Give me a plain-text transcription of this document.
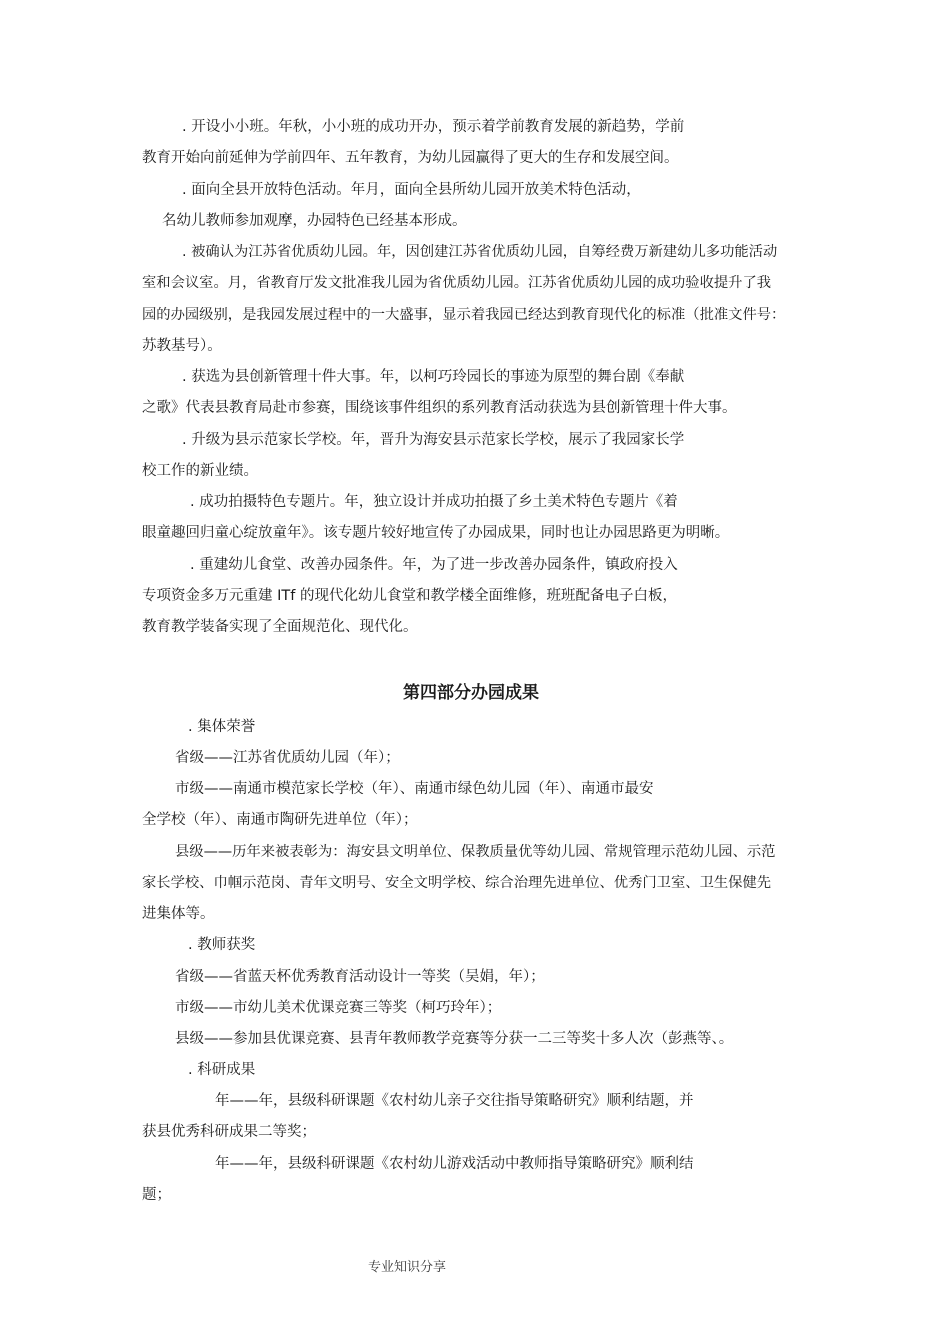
. 开设小小班。年秋，小小班的成功开办，预示着学前教育发展的新趋势，学前
教育开始向前延伸为学前四年、五年教育，为幼儿园赢得了更大的生存和发展空间。
. 面向全县开放特色活动。年月，面向全县所幼儿园开放美术特色活动，
名幼儿教师参加观摩，办园特色已经基本形成。
. 被确认为江苏省优质幼儿园。年，因创建江苏省优质幼儿园，自筹经费万新建幼儿多功能活动
室和会议室。月，省教育厅发文批准我儿园为省优质幼儿园。江苏省优质幼儿园的成功验收提升了我
园的办园级别，是我园发展过程中的一大盛事，显示着我园已经达到教育现代化的标准（批准文件号：
苏教基号）。
. 获选为县创新管理十件大事。年，以柯巧玲园长的事迹为原型的舞台剧《奉献
之歌》代表县教育局赴市参赛，围绕该事件组织的系列教育活动获选为县创新管理十件大事。
. 升级为县示范家长学校。年，晋升为海安县示范家长学校，展示了我园家长学
校工作的新业绩。
. 成功拍摄特色专题片。年，独立设计并成功拍摄了乡土美术特色专题片《着
眼童趣回归童心绽放童年》。该专题片较好地宣传了办园成果，同时也让办园思路更为明晰。
. 重建幼儿食堂、改善办园条件。年，为了进一步改善办园条件，镇政府投入
专项资金多万元重建 ITf 的现代化幼儿食堂和教学楼全面维修，班班配备电子白板，
教育教学装备实现了全面规范化、现代化。
第四部分办园成果
. 集体荣誉
省级——江苏省优质幼儿园（年）；
市级——南通市模范家长学校（年）、南通市绿色幼儿园（年）、南通市最安
全学校（年）、南通市陶研先进单位（年）；
县级——历年来被表彰为：海安县文明单位、保教质量优等幼儿园、常规管理示范幼儿园、示范
家长学校、巾帼示范岗、青年文明号、安全文明学校、综合治理先进单位、优秀门卫室、卫生保健先
进集体等。
. 教师获奖
省级——省蓝天杯优秀教育活动设计一等奖（吴娟，年）；
市级——市幼儿美术优课竞赛三等奖（柯巧玲年）；
县级——参加县优课竞赛、县青年教师教学竞赛等分获一二三等奖十多人次（彭燕等、。
. 科研成果
年——年，县级科研课题《农村幼儿亲子交往指导策略研究》顺利结题，并
获县优秀科研成果二等奖；
年——年，县级科研课题《农村幼儿游戏活动中教师指导策略研究》顺利结
题；
专业知识分享
